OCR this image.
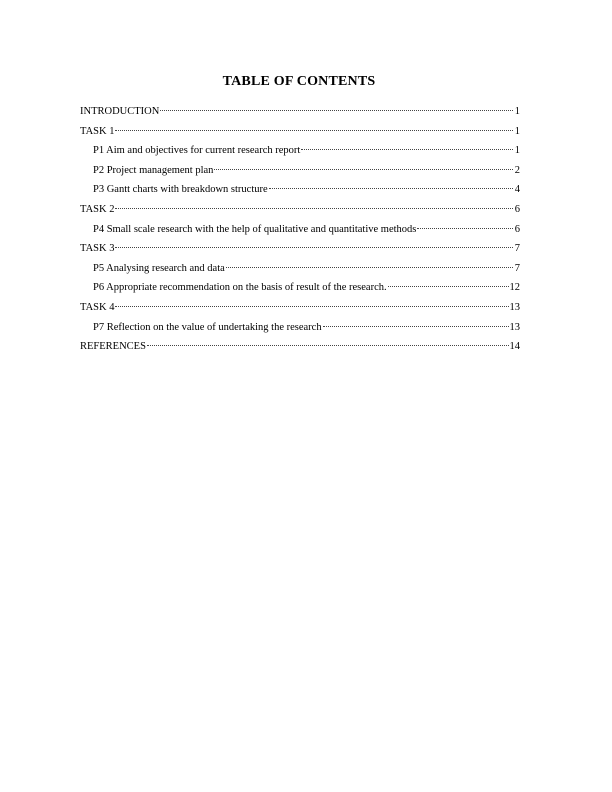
TABLE OF CONTENTS
INTRODUCTION	1
TASK 1	1
P1 Aim and objectives for current research report	1
P2 Project management plan	2
P3 Gantt charts with breakdown structure	4
TASK 2	6
P4 Small scale research with the help of qualitative and quantitative methods	6
TASK 3	7
P5 Analysing research and data	7
P6 Appropriate recommendation on the basis of result of the research.	12
TASK 4	13
P7 Reflection on the value of undertaking the research	13
REFERENCES	14
